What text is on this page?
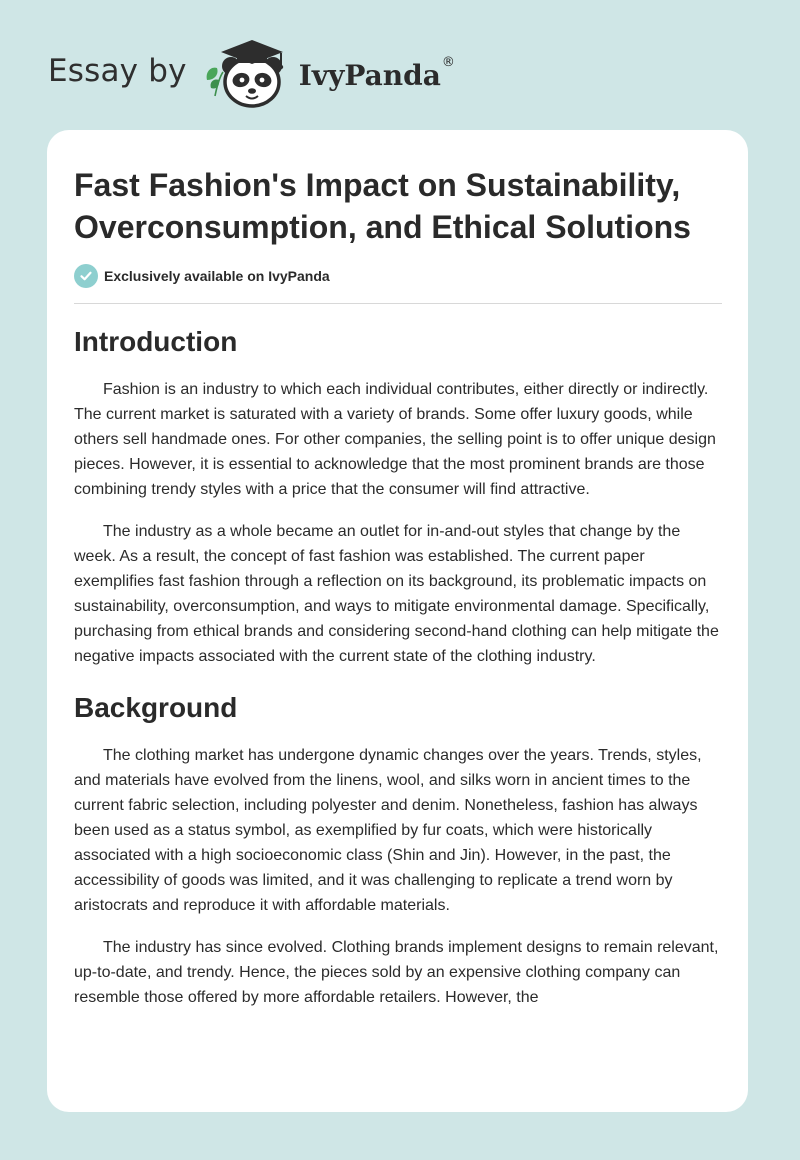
Essay by	IvyPanda®
Fast Fashion's Impact on Sustainability, Overconsumption, and Ethical Solutions
Exclusively available on IvyPanda
Introduction

Fashion is an industry to which each individual contributes, either directly or indirectly. The current market is saturated with a variety of brands. Some offer luxury goods, while others sell handmade ones. For other companies, the selling point is to offer unique design pieces. However, it is essential to acknowledge that the most prominent brands are those combining trendy styles with a price that the consumer will find attractive.

The industry as a whole became an outlet for in-and-out styles that change by the week. As a result, the concept of fast fashion was established. The current paper exemplifies fast fashion through a reflection on its background, its problematic impacts on sustainability, overconsumption, and ways to mitigate environmental damage. Specifically, purchasing from ethical brands and considering second-hand clothing can help mitigate the negative impacts associated with the current state of the clothing industry.

Background

The clothing market has undergone dynamic changes over the years. Trends, styles, and materials have evolved from the linens, wool, and silks worn in ancient times to the current fabric selection, including polyester and denim. Nonetheless, fashion has always been used as a status symbol, as exemplified by fur coats, which were historically associated with a high socioeconomic class (Shin and Jin). However, in the past, the accessibility of goods was limited, and it was challenging to replicate a trend worn by aristocrats and reproduce it with affordable materials.

The industry has since evolved. Clothing brands implement designs to remain relevant, up-to-date, and trendy. Hence, the pieces sold by an expensive clothing company can resemble those offered by more affordable retailers. However, the
